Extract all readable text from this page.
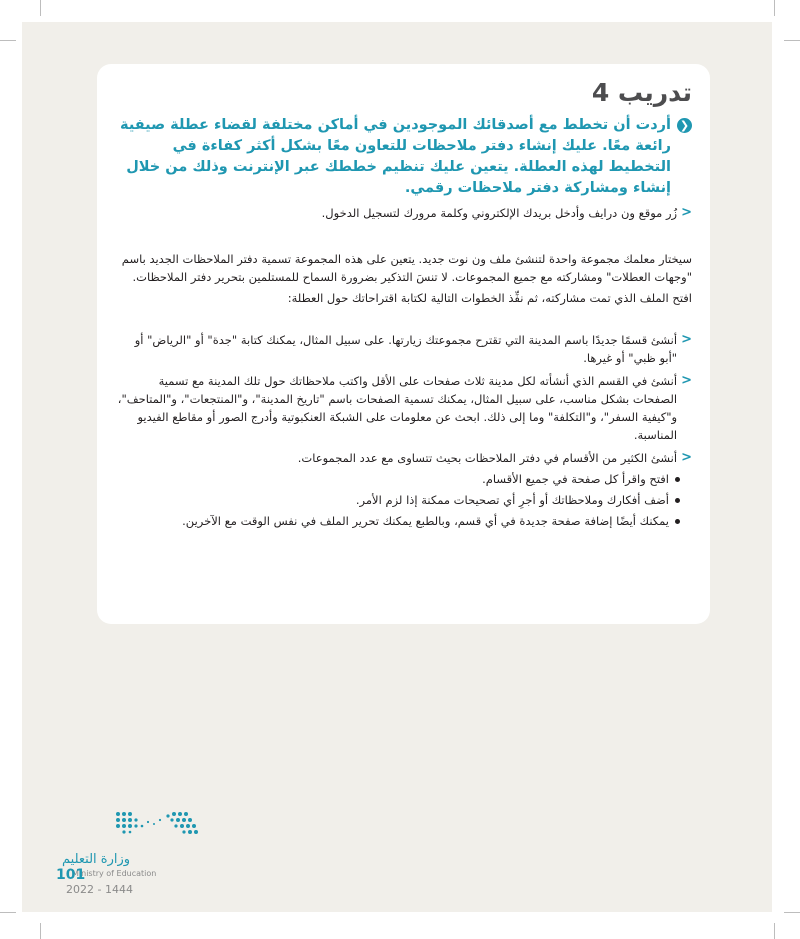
تدريب 4
❮
أردت أن تخطط مع أصدقائك الموجودين في أماكن مختلفة لقضاء عطلة صيفية رائعة معًا. عليك إنشاء دفتر ملاحظات للتعاون معًا بشكل أكثر كفاءة في التخطيط لهذه العطلة. يتعين عليك تنظيم خططك عبر الإنترنت وذلك من خلال إنشاء ومشاركة دفتر ملاحظات رقمي.
<
زُر موقع ون درايف وأدخل بريدك الإلكتروني وكلمة مرورك لتسجيل الدخول.

سيختار معلمك مجموعة واحدة لتنشئ ملف ون نوت جديد. يتعين على هذه المجموعة تسمية دفتر الملاحظات الجديد باسم "وجهات العطلات" ومشاركته مع جميع المجموعات. لا تنسَ التذكير بضرورة السماح للمستلمين بتحرير دفتر الملاحظات.

افتح الملف الذي تمت مشاركته، ثم نفِّذ الخطوات التالية لكتابة اقتراحاتك حول العطلة:

<
أنشئ قسمًا جديدًا باسم المدينة التي تقترح مجموعتك زيارتها. على سبيل المثال، يمكنك كتابة "جدة" أو "الرياض" أو "أبو ظبي" أو غيرها.
<
أنشئ في القسم الذي أنشأته لكل مدينة ثلاث صفحات على الأقل واكتب ملاحظاتك حول تلك المدينة مع تسمية الصفحات بشكل مناسب، على سبيل المثال، يمكنك تسمية الصفحات باسم "تاريخ المدينة"، و"المنتجعات"، و"المتاحف"، و"كيفية السفر"، و"التكلفة" وما إلى ذلك. ابحث عن معلومات على الشبكة العنكبوتية وأدرج الصور أو مقاطع الفيديو المناسبة.
<
أنشئ الكثير من الأقسام في دفتر الملاحظات بحيث تتساوى مع عدد المجموعات.
افتح واقرأ كل صفحة في جميع الأقسام.
أضف أفكارك وملاحظاتك أو أجرِ أي تصحيحات ممكنة إذا لزم الأمر.
يمكنك أيضًا إضافة صفحة جديدة في أي قسم، وبالطبع يمكنك تحرير الملف في نفس الوقت مع الآخرين.
وزارة التعليم
Ministry of Education
101
2022 - 1444
